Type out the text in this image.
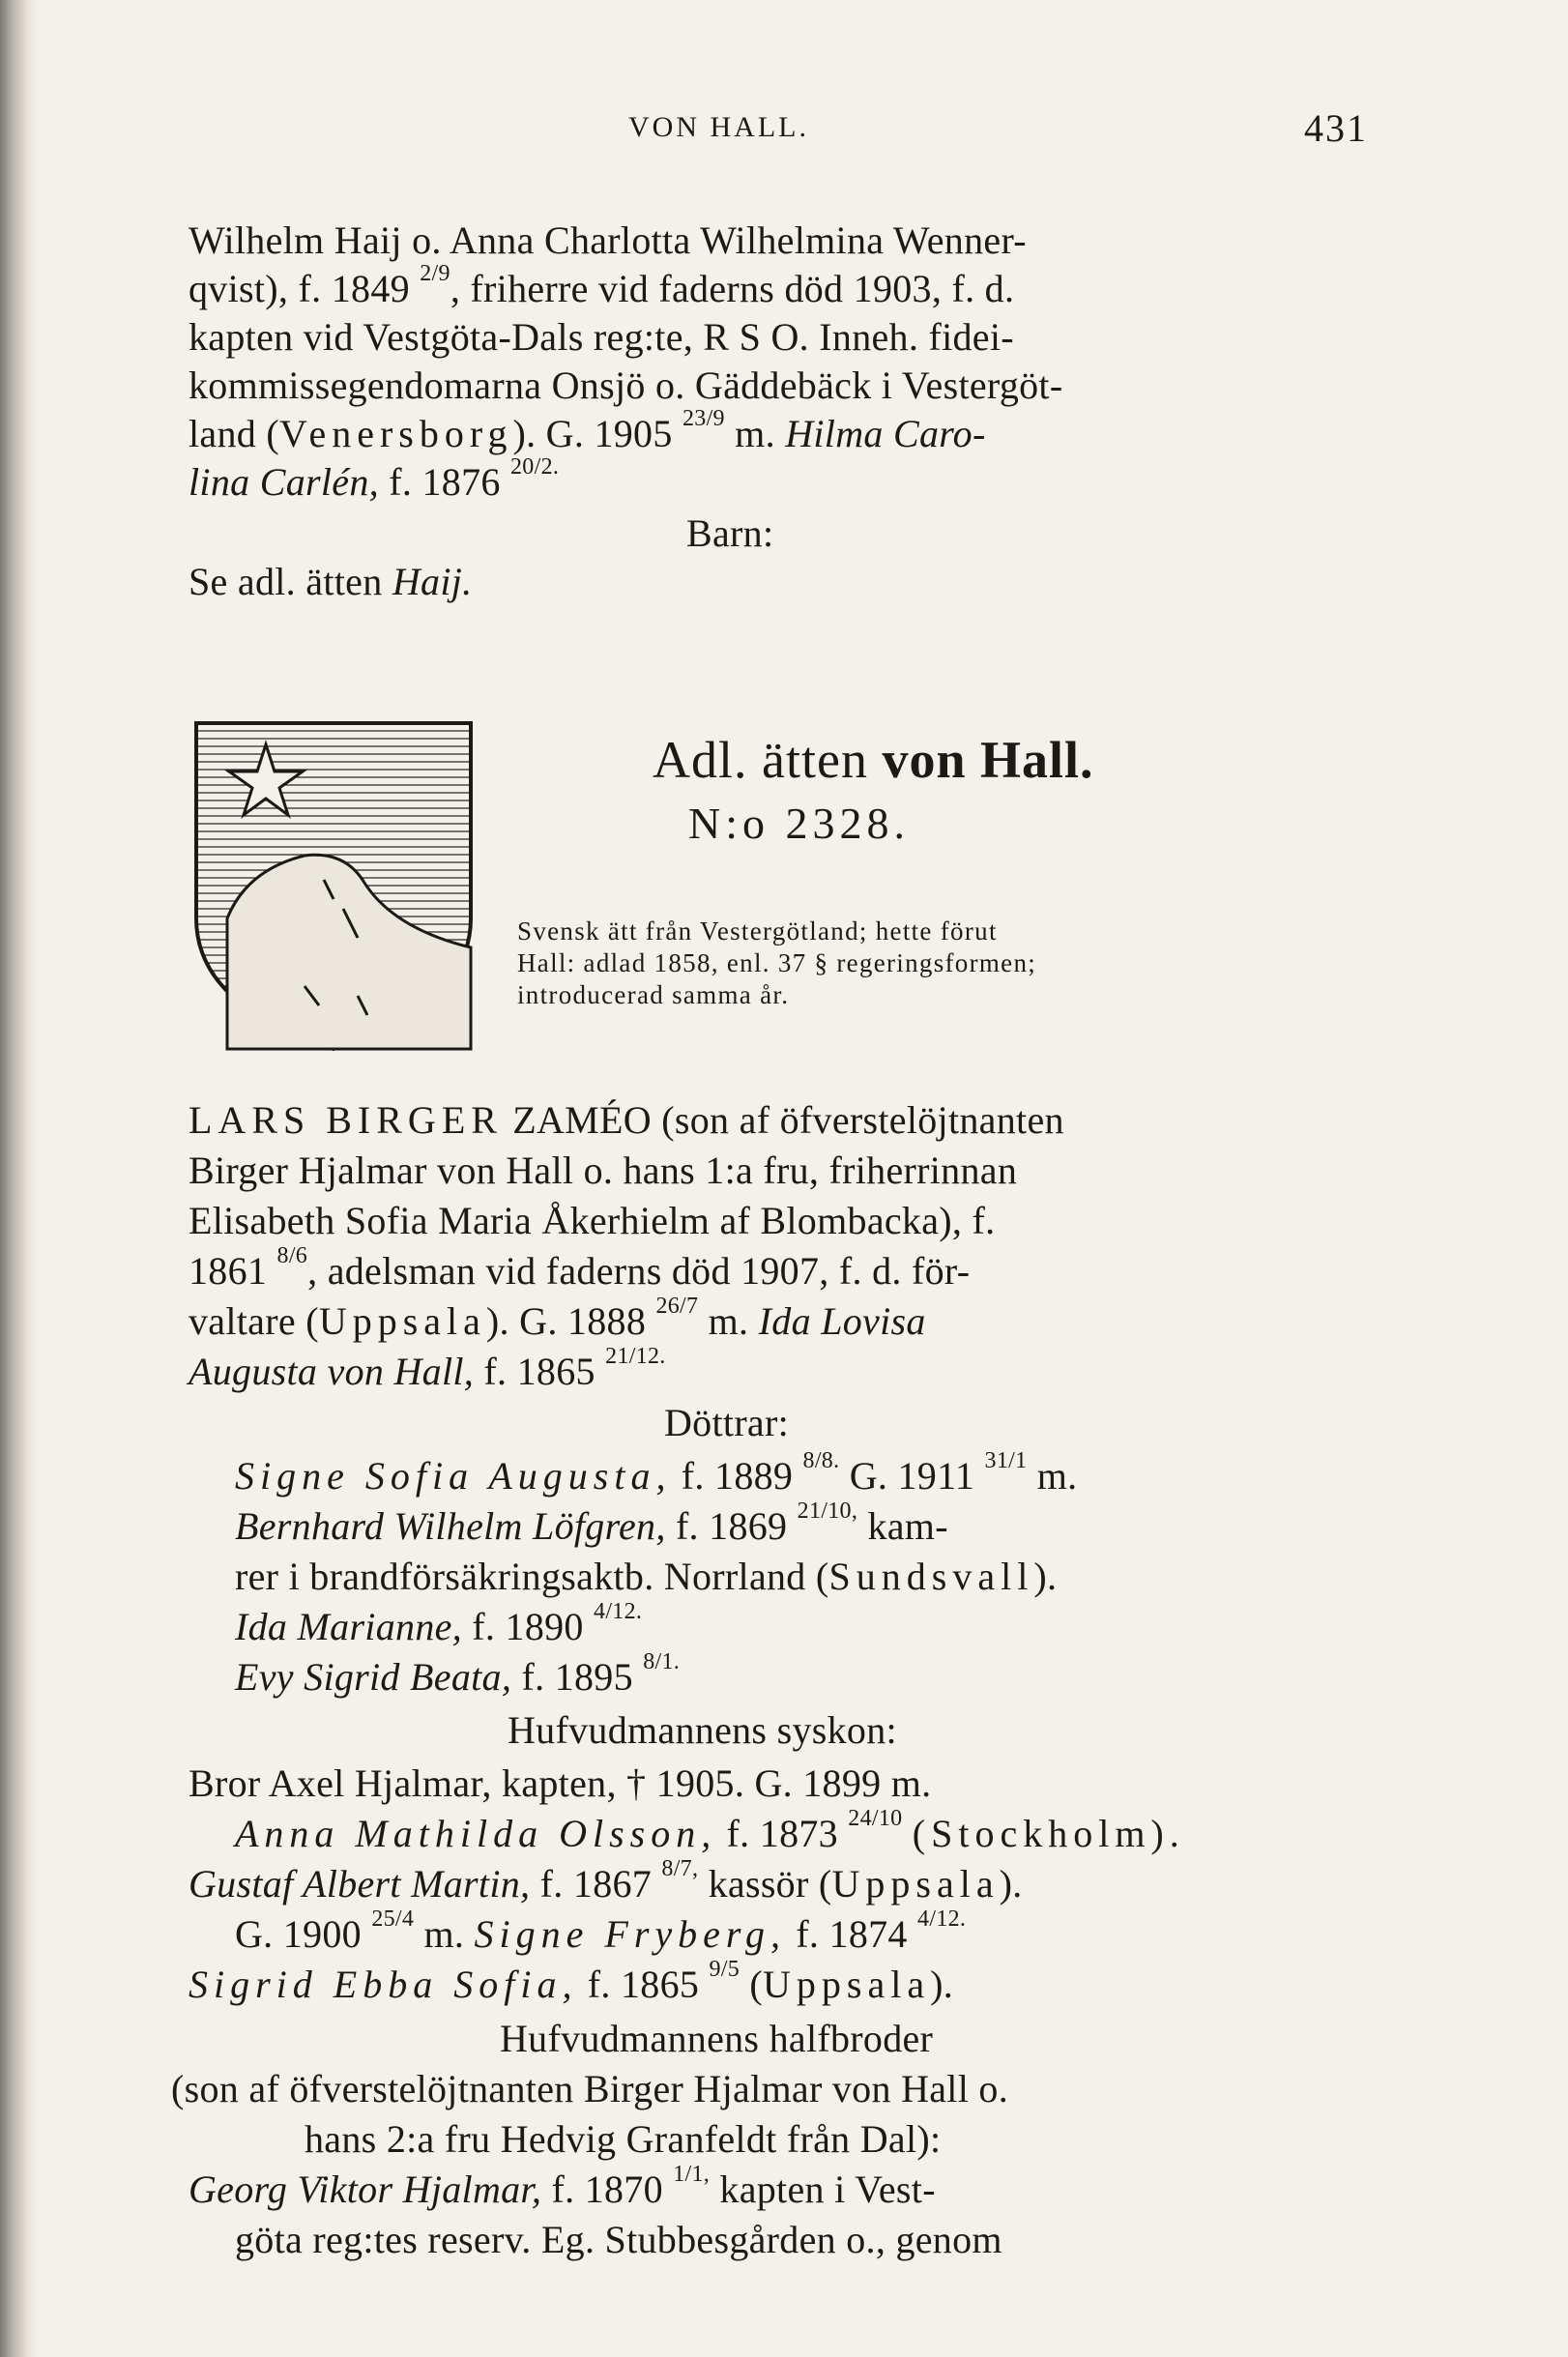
VON HALL.	431
Wilhelm Haij o. Anna Charlotta Wilhelmina Wenner-
qvist), f. 1849 $^{2/9}$, friherre vid faderns död 1903, f. d.
kapten vid Vestgöta-Dals reg:te, R S O. Inneh. fidei-
kommissegendomarna Onsjö o. Gäddebäck i Vestergöt-
land (Venersborg). G. 1905 $^{23/9}$ m. Hilma Caro-
lina Carlén, f. 1876 $^{20/2.}$
Barn:
Se adl. ätten Haij.
Adl. ätten von Hall.
N:o 2328.
Svensk ätt från Vestergötland; hette förut
Hall: adlad 1858, enl. 37 § regeringsformen;
introducerad samma år.
LARS BIRGER ZAMÉO (son af öfverstelöjtnanten
Birger Hjalmar von Hall o. hans 1:a fru, friherrinnan
Elisabeth Sofia Maria Åkerhielm af Blombacka), f.
1861 $^{8/6}$, adelsman vid faderns död 1907, f. d. för-
valtare (Uppsala). G. 1888 $^{26/7}$ m. Ida Lovisa
Augusta von Hall, f. 1865 $^{21/12.}$
Döttrar:
Signe Sofia Augusta, f. 1889 $^{8/8.}$ G. 1911 $^{31/1}$ m.
Bernhard Wilhelm Löfgren, f. 1869 $^{21/10,}$ kam-
rer i brandförsäkringsaktb. Norrland (Sundsvall).
Ida Marianne, f. 1890 $^{4/12.}$
Evy Sigrid Beata, f. 1895 $^{8/1.}$
Hufvudmannens syskon:
Bror Axel Hjalmar, kapten, † 1905. G. 1899 m.
Anna Mathilda Olsson, f. 1873 $^{24/10}$ (Stockholm).
Gustaf Albert Martin, f. 1867 $^{8/7,}$ kassör (Uppsala).
G. 1900 $^{25/4}$ m. Signe Fryberg, f. 1874 $^{4/12.}$
Sigrid Ebba Sofia, f. 1865 $^{9/5}$ (Uppsala).
Hufvudmannens halfbroder
(son af öfverstelöjtnanten Birger Hjalmar von Hall o.
hans 2:a fru Hedvig Granfeldt från Dal):
Georg Viktor Hjalmar, f. 1870 $^{1/1,}$ kapten i Vest-
göta reg:tes reserv. Eg. Stubbesgården o., genom
